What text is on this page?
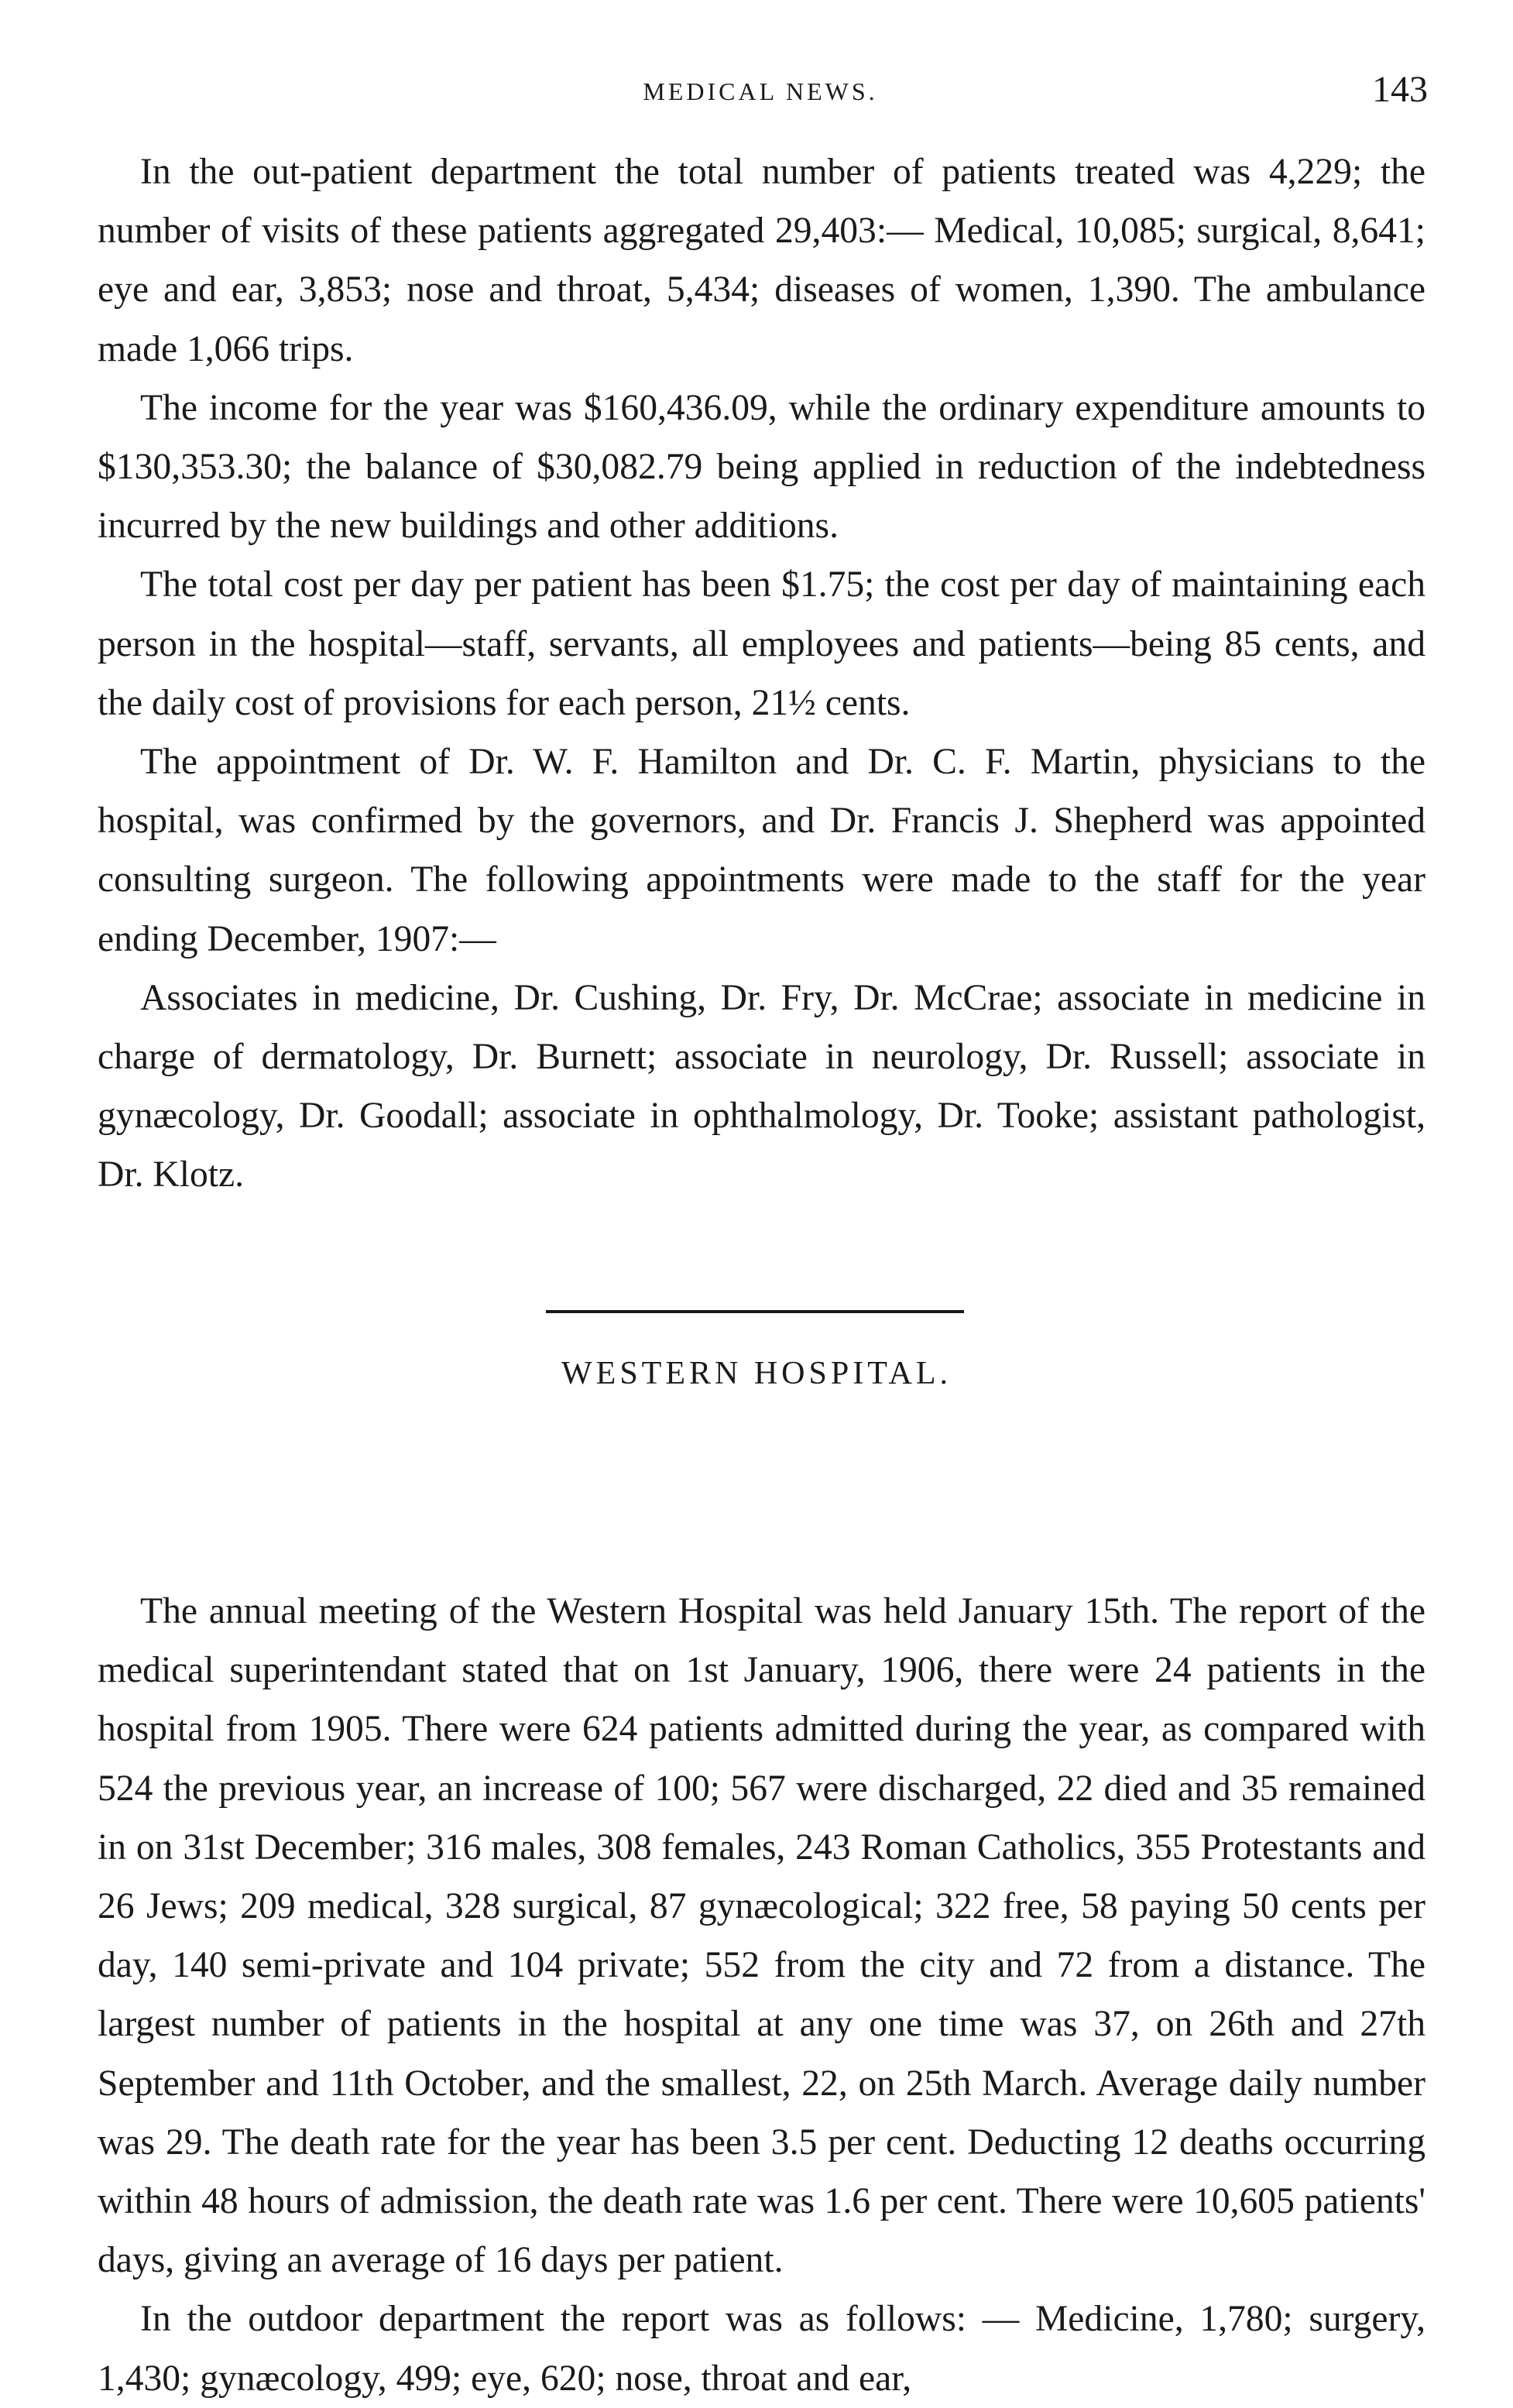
MEDICAL NEWS.	143

In the out-patient department the total number of patients treated was 4,229; the number of visits of these patients aggregated 29,403:— Medical, 10,085; surgical, 8,641; eye and ear, 3,853; nose and throat, 5,434; diseases of women, 1,390. The ambulance made 1,066 trips.

The income for the year was $160,436.09, while the ordinary expenditure amounts to $130,353.30; the balance of $30,082.79 being applied in reduction of the indebtedness incurred by the new buildings and other additions.

The total cost per day per patient has been $1.75; the cost per day of maintaining each person in the hospital—staff, servants, all employees and patients—being 85 cents, and the daily cost of provisions for each person, 21½ cents.

The appointment of Dr. W. F. Hamilton and Dr. C. F. Martin, physicians to the hospital, was confirmed by the governors, and Dr. Francis J. Shepherd was appointed consulting surgeon. The following appointments were made to the staff for the year ending December, 1907:—

Associates in medicine, Dr. Cushing, Dr. Fry, Dr. McCrae; associate in medicine in charge of dermatology, Dr. Burnett; associate in neurology, Dr. Russell; associate in gynæcology, Dr. Goodall; associate in ophthalmology, Dr. Tooke; assistant pathologist, Dr. Klotz.

WESTERN HOSPITAL.

The annual meeting of the Western Hospital was held January 15th. The report of the medical superintendant stated that on 1st January, 1906, there were 24 patients in the hospital from 1905. There were 624 patients admitted during the year, as compared with 524 the previous year, an increase of 100; 567 were discharged, 22 died and 35 remained in on 31st December; 316 males, 308 females, 243 Roman Catholics, 355 Protestants and 26 Jews; 209 medical, 328 surgical, 87 gynæcological; 322 free, 58 paying 50 cents per day, 140 semi-private and 104 private; 552 from the city and 72 from a distance. The largest number of patients in the hospital at any one time was 37, on 26th and 27th September and 11th October, and the smallest, 22, on 25th March. Average daily number was 29. The death rate for the year has been 3.5 per cent. Deducting 12 deaths occurring within 48 hours of admission, the death rate was 1.6 per cent. There were 10,605 patients' days, giving an average of 16 days per patient.

In the outdoor department the report was as follows: — Medicine, 1,780; surgery, 1,430; gynæcology, 499; eye, 620; nose, throat and ear,
